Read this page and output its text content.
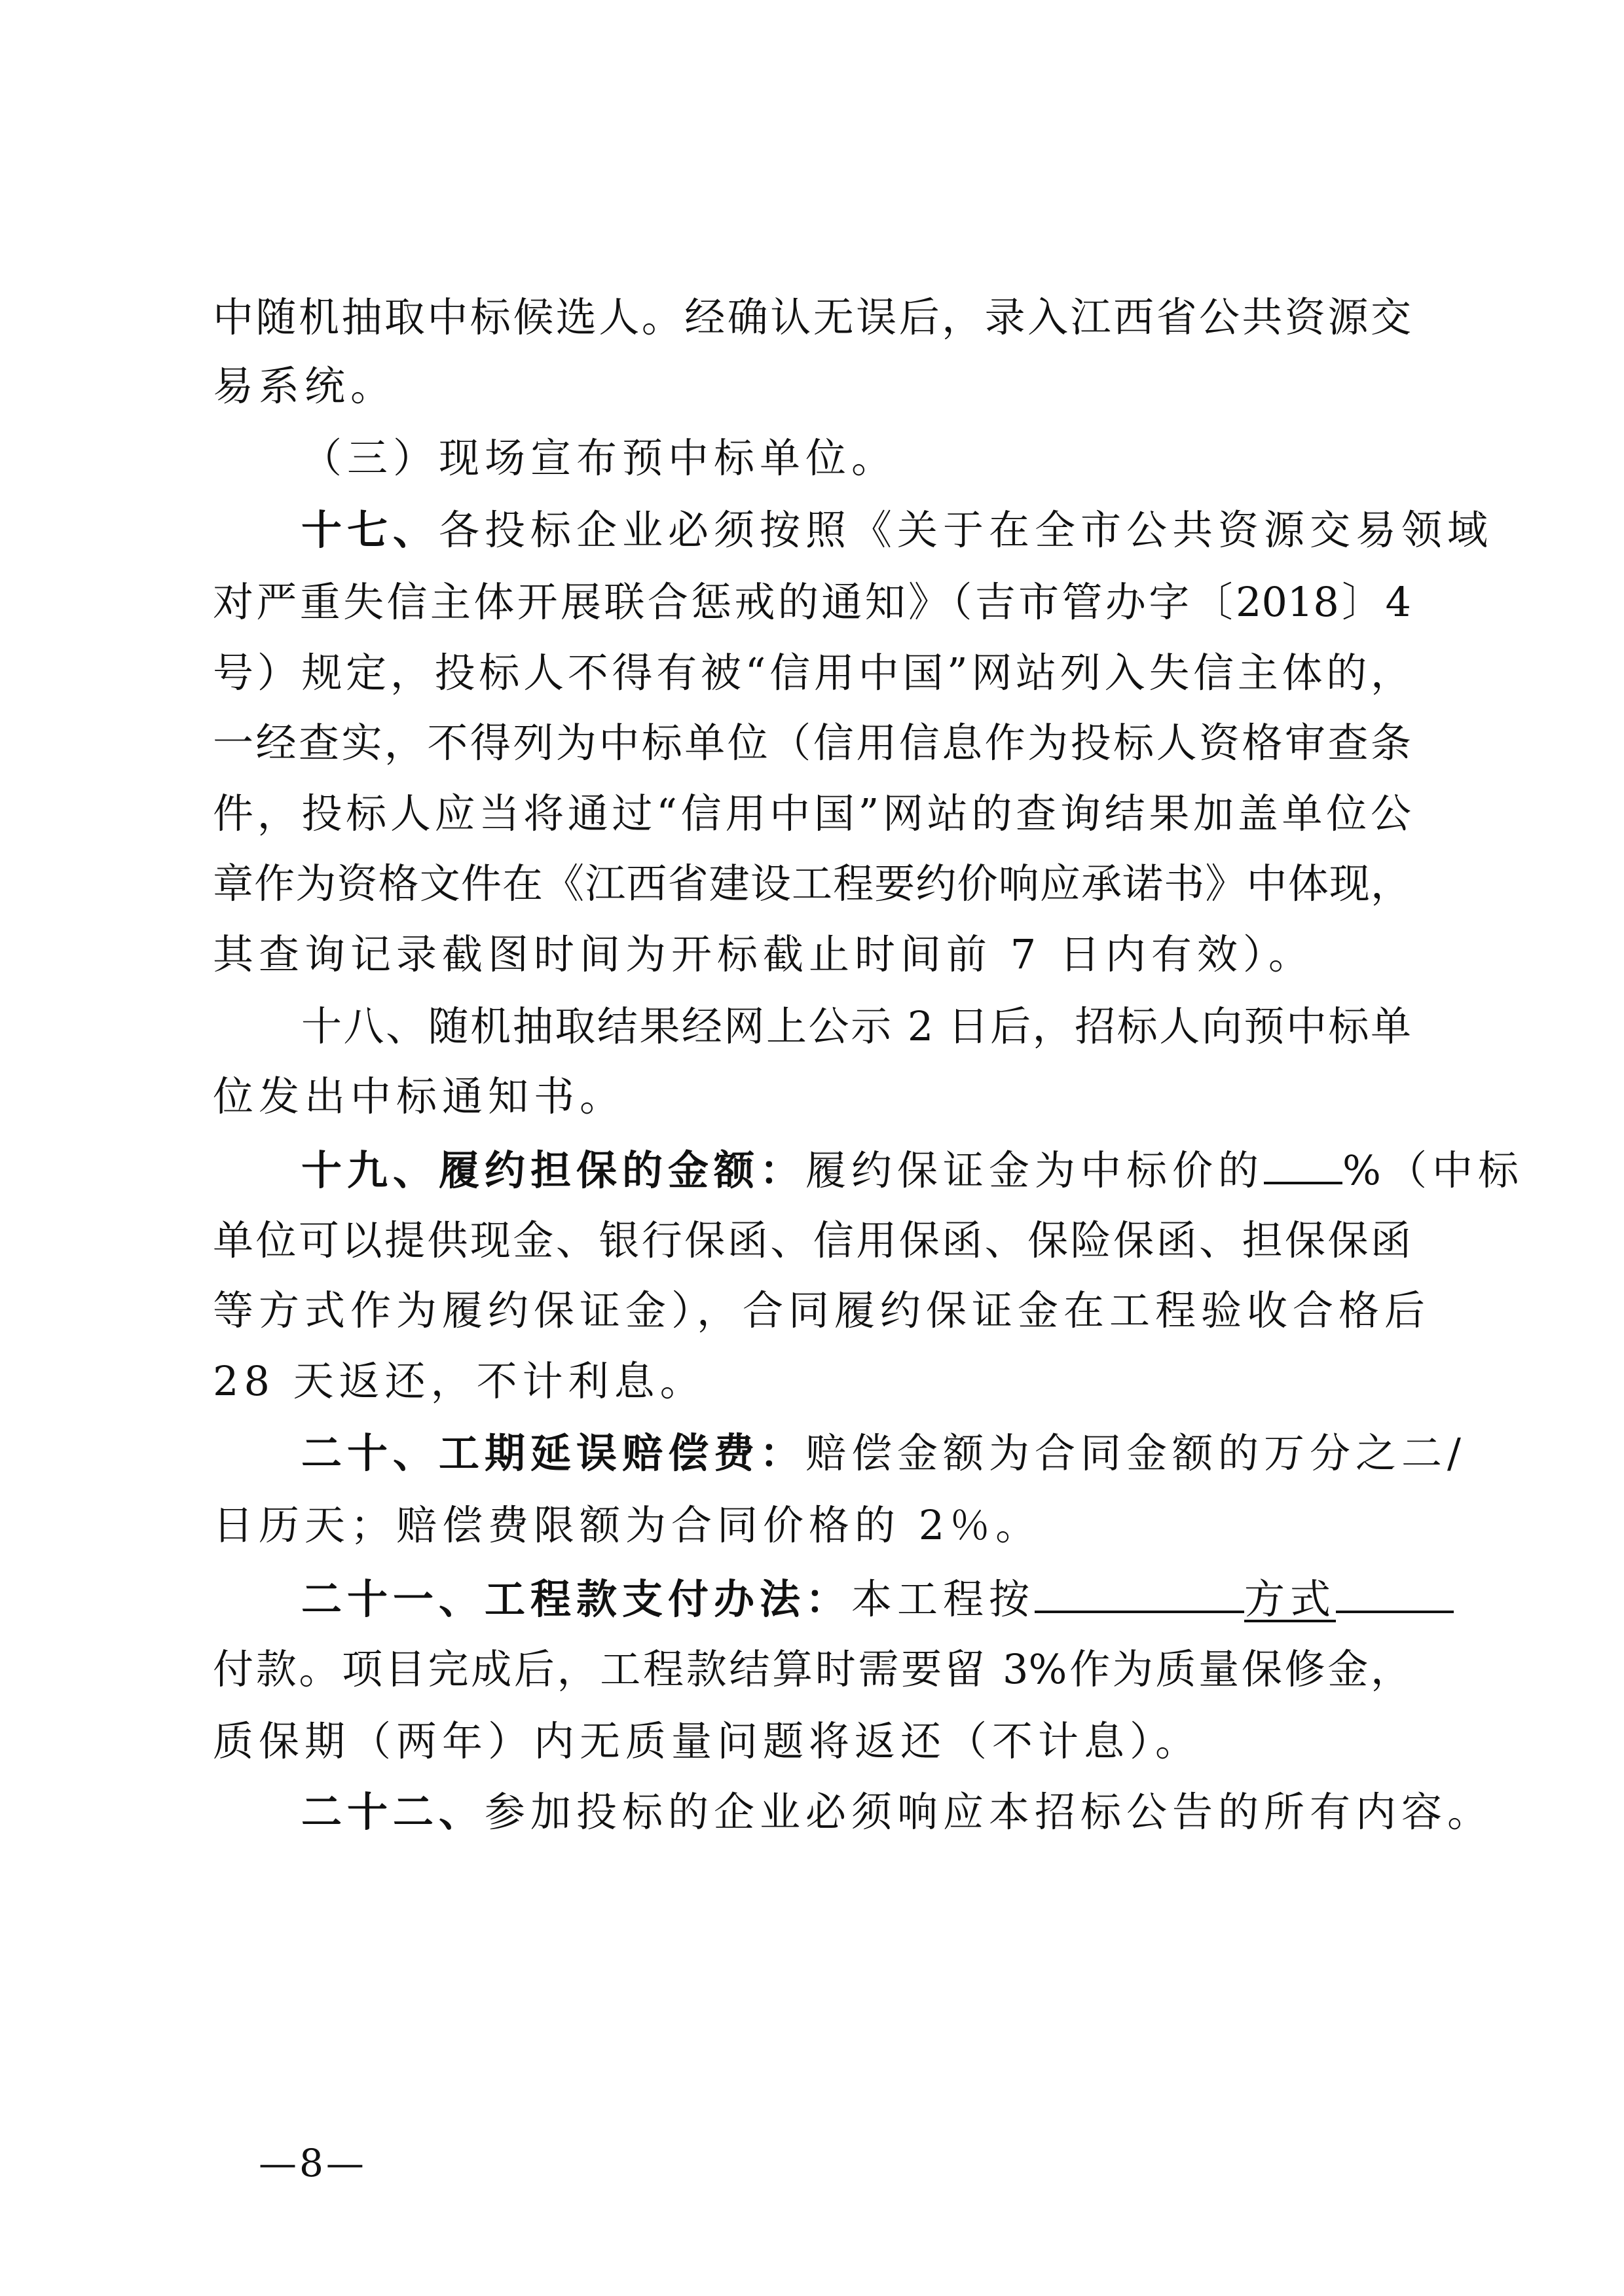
中随机抽取中标候选人。经确认无误后，录入江西省公共资源交
易系统。
（三）现场宣布预中标单位。
十七、各投标企业必须按照《关于在全市公共资源交易领域
对严重失信主体开展联合惩戒的通知》（吉市管办字〔2018〕4
号）规定，投标人不得有被“信用中国”网站列入失信主体的，
一经查实，不得列为中标单位（信用信息作为投标人资格审查条
件，投标人应当将通过“信用中国”网站的查询结果加盖单位公
章作为资格文件在《江西省建设工程要约价响应承诺书》中体现，
其查询记录截图时间为开标截止时间前 7 日内有效）。
十八、随机抽取结果经网上公示 2 日后，招标人向预中标单
位发出中标通知书。
十九、履约担保的金额：履约保证金为中标价的 %（中标
单位可以提供现金、银行保函、信用保函、保险保函、担保保函
等方式作为履约保证金），合同履约保证金在工程验收合格后
28 天返还，不计利息。
二十、工期延误赔偿费：赔偿金额为合同金额的万分之二/
日历天；赔偿费限额为合同价格的 2％。
二十一、工程款支付办法：本工程按	方式
付款。项目完成后，工程款结算时需要留 3%作为质量保修金，
质保期（两年）内无质量问题将返还（不计息）。
二十二、参加投标的企业必须响应本招标公告的所有内容。
—8—
